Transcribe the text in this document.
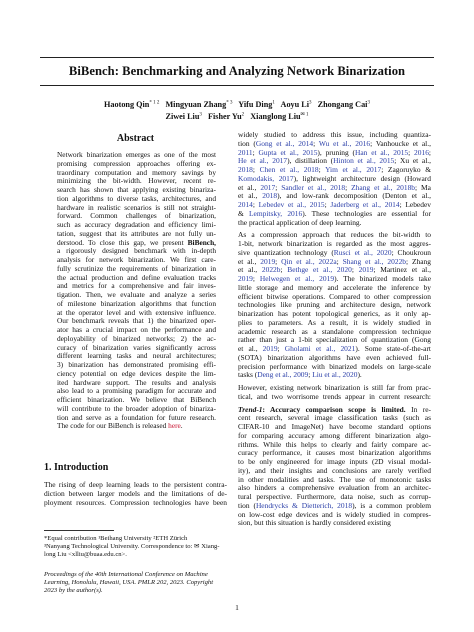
BiBench: Benchmarking and Analyzing Network Binarization
Haotong Qin$^{* 1 2}$ Mingyuan Zhang$^{* 3}$ Yifu Ding$^1$ Aoyu Li$^3$ Zhongang Cai$^3$
Ziwei Liu$^3$ Fisher Yu$^2$ Xianglong Liu$^{✉ 1}$
Abstract
Network binarization emerges as one of the most
promising compression approaches offering ex-
traordinary computation and memory savings by
minimizing the bit-width. However, recent re-
search has shown that applying existing binariza-
tion algorithms to diverse tasks, architectures, and
hardware in realistic scenarios is still not straight-
forward. Common challenges of binarization,
such as accuracy degradation and efficiency limi-
tation, suggest that its attributes are not fully un-
derstood. To close this gap, we present BiBench,
a rigorously designed benchmark with in-depth
analysis for network binarization. We first care-
fully scrutinize the requirements of binarization in
the actual production and define evaluation tracks
and metrics for a comprehensive and fair inves-
tigation. Then, we evaluate and analyze a series
of milestone binarization algorithms that function
at the operator level and with extensive influence.
Our benchmark reveals that 1) the binarized oper-
ator has a crucial impact on the performance and
deployability of binarized networks; 2) the ac-
curacy of binarization varies significantly across
different learning tasks and neural architectures;
3) binarization has demonstrated promising effi-
ciency potential on edge devices despite the lim-
ited hardware support. The results and analysis
also lead to a promising paradigm for accurate and
efficient binarization. We believe that BiBench
will contribute to the broader adoption of binariza-
tion and serve as a foundation for future research.
The code for our BiBench is released here.
1. Introduction
The rising of deep learning leads to the persistent contra-
diction between larger models and the limitations of de-
ployment resources. Compression technologies have been
*Equal contribution ¹Beihang University ²ETH Zürich
³Nanyang Technological University. Correspondence to: ✉ Xiang-
long Liu <xlliu@buaa.edu.cn>.
Proceedings of the 40th International Conference on Machine
Learning, Honolulu, Hawaii, USA. PMLR 202, 2023. Copyright
2023 by the author(s).
widely studied to address this issue, including quantiza-
tion (Gong et al., 2014; Wu et al., 2016; Vanhoucke et al.,
2011; Gupta et al., 2015), pruning (Han et al., 2015; 2016;
He et al., 2017), distillation (Hinton et al., 2015; Xu et al.,
2018; Chen et al., 2018; Yim et al., 2017; Zagoruyko &
Komodakis, 2017), lightweight architecture design (Howard
et al., 2017; Sandler et al., 2018; Zhang et al., 2018b; Ma
et al., 2018), and low-rank decomposition (Denton et al.,
2014; Lebedev et al., 2015; Jaderberg et al., 2014; Lebedev
& Lempitsky, 2016). These technologies are essential for
the practical application of deep learning.
As a compression approach that reduces the bit-width to
1-bit, network binarization is regarded as the most aggres-
sive quantization technology (Rusci et al., 2020; Choukroun
et al., 2019; Qin et al., 2022a; Shang et al., 2022b; Zhang
et al., 2022b; Bethge et al., 2020; 2019; Martinez et al.,
2019; Helwegen et al., 2019). The binarized models take
little storage and memory and accelerate the inference by
efficient bitwise operations. Compared to other compression
technologies like pruning and architecture design, network
binarization has potent topological generics, as it only ap-
plies to parameters. As a result, it is widely studied in
academic research as a standalone compression technique
rather than just a 1-bit specialization of quantization (Gong
et al., 2019; Gholami et al., 2021). Some state-of-the-art
(SOTA) binarization algorithms have even achieved full-
precision performance with binarized models on large-scale
tasks (Deng et al., 2009; Liu et al., 2020).
However, existing network binarization is still far from prac-
tical, and two worrisome trends appear in current research:
Trend-1: Accuracy comparison scope is limited. In re-
cent research, several image classification tasks (such as
CIFAR-10 and ImageNet) have become standard options
for comparing accuracy among different binarization algo-
rithms. While this helps to clearly and fairly compare ac-
curacy performance, it causes most binarization algorithms
to be only engineered for image inputs (2D visual modal-
ity), and their insights and conclusions are rarely verified
in other modalities and tasks. The use of monotonic tasks
also hinders a comprehensive evaluation from an architec-
tural perspective. Furthermore, data noise, such as corrup-
tion (Hendrycks & Dietterich, 2018), is a common problem
on low-cost edge devices and is widely studied in compres-
sion, but this situation is hardly considered existing
1
